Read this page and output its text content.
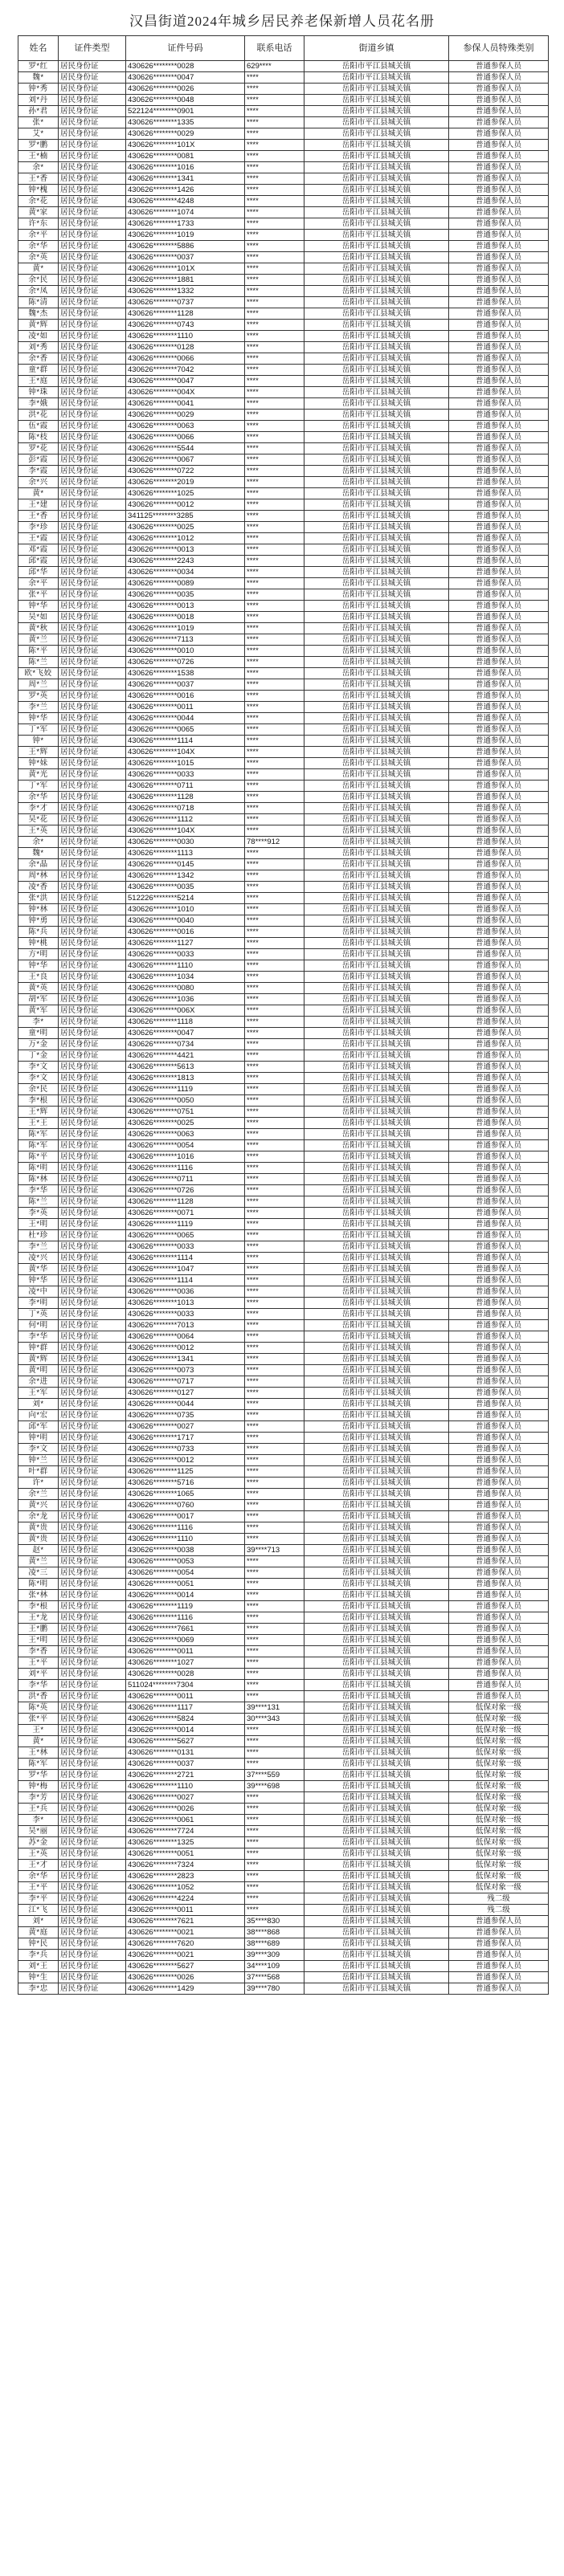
汉昌街道2024年城乡居民养老保新增人员花名册
姓名	证件类型	证件号码	联系电话	街道乡镇	参保人员特殊类别
罗*红	居民身份证	430626********0028	629****	岳阳市平江县城关镇	普通参保人员
魏*	居民身份证	430626********0047	****	岳阳市平江县城关镇	普通参保人员
钟*秀	居民身份证	430626********0026	****	岳阳市平江县城关镇	普通参保人员
刘*丹	居民身份证	430626********0048	****	岳阳市平江县城关镇	普通参保人员
孙*君	居民身份证	522124********0901	****	岳阳市平江县城关镇	普通参保人员
张*	居民身份证	430626********1335	****	岳阳市平江县城关镇	普通参保人员
艾*	居民身份证	430626********0029	****	岳阳市平江县城关镇	普通参保人员
罗*鹏	居民身份证	430626********101X	****	岳阳市平江县城关镇	普通参保人员
王*楠	居民身份证	430626********0081	****	岳阳市平江县城关镇	普通参保人员
余*	居民身份证	430626********1016	****	岳阳市平江县城关镇	普通参保人员
王*香	居民身份证	430626********1341	****	岳阳市平江县城关镇	普通参保人员
钟*槐	居民身份证	430626********1426	****	岳阳市平江县城关镇	普通参保人员
余*花	居民身份证	430626********4248	****	岳阳市平江县城关镇	普通参保人员
黄*家	居民身份证	430626********1074	****	岳阳市平江县城关镇	普通参保人员
许*东	居民身份证	430626********1733	****	岳阳市平江县城关镇	普通参保人员
余*平	居民身份证	430626********1019	****	岳阳市平江县城关镇	普通参保人员
余*华	居民身份证	430626********5886	****	岳阳市平江县城关镇	普通参保人员
余*英	居民身份证	430626********0037	****	岳阳市平江县城关镇	普通参保人员
黄*	居民身份证	430626********101X	****	岳阳市平江县城关镇	普通参保人员
余*民	居民身份证	430626********1881	****	岳阳市平江县城关镇	普通参保人员
余*凤	居民身份证	430626********1332	****	岳阳市平江县城关镇	普通参保人员
陈*清	居民身份证	430626********0737	****	岳阳市平江县城关镇	普通参保人员
魏*杰	居民身份证	430626********1128	****	岳阳市平江县城关镇	普通参保人员
黄*辉	居民身份证	430626********0743	****	岳阳市平江县城关镇	普通参保人员
凌*如	居民身份证	430626********1110	****	岳阳市平江县城关镇	普通参保人员
刘*秀	居民身份证	430626********0128	****	岳阳市平江县城关镇	普通参保人员
余*香	居民身份证	430626********0066	****	岳阳市平江县城关镇	普通参保人员
童*群	居民身份证	430626********7042	****	岳阳市平江县城关镇	普通参保人员
王*庭	居民身份证	430626********0047	****	岳阳市平江县城关镇	普通参保人员
钟*珠	居民身份证	430626********004X	****	岳阳市平江县城关镇	普通参保人员
李*娥	居民身份证	430626********0041	****	岳阳市平江县城关镇	普通参保人员
洪*花	居民身份证	430626********0029	****	岳阳市平江县城关镇	普通参保人员
伍*霞	居民身份证	430626********0063	****	岳阳市平江县城关镇	普通参保人员
陈*枝	居民身份证	430626********0066	****	岳阳市平江县城关镇	普通参保人员
罗*花	居民身份证	430626********5544	****	岳阳市平江县城关镇	普通参保人员
彭*霞	居民身份证	430626********0067	****	岳阳市平江县城关镇	普通参保人员
李*霞	居民身份证	430626********0722	****	岳阳市平江县城关镇	普通参保人员
余*兴	居民身份证	430626********2019	****	岳阳市平江县城关镇	普通参保人员
黄*	居民身份证	430626********1025	****	岳阳市平江县城关镇	普通参保人员
王*建	居民身份证	430626********0012	****	岳阳市平江县城关镇	普通参保人员
王*香	居民身份证	341125********3285	****	岳阳市平江县城关镇	普通参保人员
李*珍	居民身份证	430626********0025	****	岳阳市平江县城关镇	普通参保人员
王*霞	居民身份证	430626********1012	****	岳阳市平江县城关镇	普通参保人员
邓*霞	居民身份证	430626********0013	****	岳阳市平江县城关镇	普通参保人员
邱*霞	居民身份证	430626********2243	****	岳阳市平江县城关镇	普通参保人员
邱*华	居民身份证	430626********0034	****	岳阳市平江县城关镇	普通参保人员
余*平	居民身份证	430626********0089	****	岳阳市平江县城关镇	普通参保人员
张*平	居民身份证	430626********0035	****	岳阳市平江县城关镇	普通参保人员
钟*华	居民身份证	430626********0013	****	岳阳市平江县城关镇	普通参保人员
吴*如	居民身份证	430626********0018	****	岳阳市平江县城关镇	普通参保人员
黄*秋	居民身份证	430626********1019	****	岳阳市平江县城关镇	普通参保人员
黄*兰	居民身份证	430626********7113	****	岳阳市平江县城关镇	普通参保人员
陈*平	居民身份证	430626********0010	****	岳阳市平江县城关镇	普通参保人员
陈*兰	居民身份证	430626********0726	****	岳阳市平江县城关镇	普通参保人员
欧*飞姣	居民身份证	430626********1538	****	岳阳市平江县城关镇	普通参保人员
周*兰	居民身份证	430626********0037	****	岳阳市平江县城关镇	普通参保人员
罗*英	居民身份证	430626********0016	****	岳阳市平江县城关镇	普通参保人员
李*兰	居民身份证	430626********0011	****	岳阳市平江县城关镇	普通参保人员
钟*华	居民身份证	430626********0044	****	岳阳市平江县城关镇	普通参保人员
丁*军	居民身份证	430626********0065	****	岳阳市平江县城关镇	普通参保人员
钟*	居民身份证	430626********1114	****	岳阳市平江县城关镇	普通参保人员
王*辉	居民身份证	430626********104X	****	岳阳市平江县城关镇	普通参保人员
钟*妹	居民身份证	430626********1015	****	岳阳市平江县城关镇	普通参保人员
黄*光	居民身份证	430626********0033	****	岳阳市平江县城关镇	普通参保人员
丁*军	居民身份证	430626********0711	****	岳阳市平江县城关镇	普通参保人员
余*华	居民身份证	430626********1128	****	岳阳市平江县城关镇	普通参保人员
李*才	居民身份证	430626********0718	****	岳阳市平江县城关镇	普通参保人员
吴*花	居民身份证	430626********1112	****	岳阳市平江县城关镇	普通参保人员
王*英	居民身份证	430626********104X	****	岳阳市平江县城关镇	普通参保人员
余*	居民身份证	430626********0030	78****912	岳阳市平江县城关镇	普通参保人员
魏*	居民身份证	430626********1113	****	岳阳市平江县城关镇	普通参保人员
余*晶	居民身份证	430626********0145	****	岳阳市平江县城关镇	普通参保人员
周*林	居民身份证	430626********1342	****	岳阳市平江县城关镇	普通参保人员
凌*香	居民身份证	430626********0035	****	岳阳市平江县城关镇	普通参保人员
张*洪	居民身份证	512226********5214	****	岳阳市平江县城关镇	普通参保人员
钟*林	居民身份证	430626********1010	****	岳阳市平江县城关镇	普通参保人员
钟*勇	居民身份证	430626********0040	****	岳阳市平江县城关镇	普通参保人员
陈*兵	居民身份证	430626********0016	****	岳阳市平江县城关镇	普通参保人员
钟*桃	居民身份证	430626********1127	****	岳阳市平江县城关镇	普通参保人员
方*明	居民身份证	430626********0033	****	岳阳市平江县城关镇	普通参保人员
钟*华	居民身份证	430626********1110	****	岳阳市平江县城关镇	普通参保人员
王*良	居民身份证	430626********1034	****	岳阳市平江县城关镇	普通参保人员
黄*英	居民身份证	430626********0080	****	岳阳市平江县城关镇	普通参保人员
胡*军	居民身份证	430626********1036	****	岳阳市平江县城关镇	普通参保人员
黄*军	居民身份证	430626********006X	****	岳阳市平江县城关镇	普通参保人员
李*	居民身份证	430626********1118	****	岳阳市平江县城关镇	普通参保人员
童*明	居民身份证	430626********0047	****	岳阳市平江县城关镇	普通参保人员
万*金	居民身份证	430626********0734	****	岳阳市平江县城关镇	普通参保人员
丁*金	居民身份证	430626********4421	****	岳阳市平江县城关镇	普通参保人员
李*文	居民身份证	430626********5613	****	岳阳市平江县城关镇	普通参保人员
李*文	居民身份证	430626********1813	****	岳阳市平江县城关镇	普通参保人员
余*民	居民身份证	430626********1119	****	岳阳市平江县城关镇	普通参保人员
李*根	居民身份证	430626********0050	****	岳阳市平江县城关镇	普通参保人员
王*辉	居民身份证	430626********0751	****	岳阳市平江县城关镇	普通参保人员
王*王	居民身份证	430626********0025	****	岳阳市平江县城关镇	普通参保人员
陈*军	居民身份证	430626********0063	****	岳阳市平江县城关镇	普通参保人员
陈*军	居民身份证	430626********0054	****	岳阳市平江县城关镇	普通参保人员
陈*平	居民身份证	430626********1016	****	岳阳市平江县城关镇	普通参保人员
陈*明	居民身份证	430626********1116	****	岳阳市平江县城关镇	普通参保人员
陈*林	居民身份证	430626********0711	****	岳阳市平江县城关镇	普通参保人员
李*华	居民身份证	430626********0726	****	岳阳市平江县城关镇	普通参保人员
陈*兰	居民身份证	430626********1128	****	岳阳市平江县城关镇	普通参保人员
李*英	居民身份证	430626********0071	****	岳阳市平江县城关镇	普通参保人员
王*明	居民身份证	430626********1119	****	岳阳市平江县城关镇	普通参保人员
杜*珍	居民身份证	430626********0065	****	岳阳市平江县城关镇	普通参保人员
李*兰	居民身份证	430626********0033	****	岳阳市平江县城关镇	普通参保人员
凌*兴	居民身份证	430626********1114	****	岳阳市平江县城关镇	普通参保人员
黄*华	居民身份证	430626********1047	****	岳阳市平江县城关镇	普通参保人员
钟*华	居民身份证	430626********1114	****	岳阳市平江县城关镇	普通参保人员
凌*中	居民身份证	430626********0036	****	岳阳市平江县城关镇	普通参保人员
李*明	居民身份证	430626********1013	****	岳阳市平江县城关镇	普通参保人员
丁*英	居民身份证	430626********0033	****	岳阳市平江县城关镇	普通参保人员
何*明	居民身份证	430626********7013	****	岳阳市平江县城关镇	普通参保人员
李*华	居民身份证	430626********0064	****	岳阳市平江县城关镇	普通参保人员
钟*群	居民身份证	430626********0012	****	岳阳市平江县城关镇	普通参保人员
黄*辉	居民身份证	430626********1341	****	岳阳市平江县城关镇	普通参保人员
黄*明	居民身份证	430626********0073	****	岳阳市平江县城关镇	普通参保人员
余*进	居民身份证	430626********0717	****	岳阳市平江县城关镇	普通参保人员
王*军	居民身份证	430626********0127	****	岳阳市平江县城关镇	普通参保人员
刘*	居民身份证	430626********0044	****	岳阳市平江县城关镇	普通参保人员
向*宏	居民身份证	430626********0735	****	岳阳市平江县城关镇	普通参保人员
邱*军	居民身份证	430626********0027	****	岳阳市平江县城关镇	普通参保人员
钟*明	居民身份证	430626********1717	****	岳阳市平江县城关镇	普通参保人员
李*文	居民身份证	430626********0733	****	岳阳市平江县城关镇	普通参保人员
钟*兰	居民身份证	430626********0012	****	岳阳市平江县城关镇	普通参保人员
叶*群	居民身份证	430626********1125	****	岳阳市平江县城关镇	普通参保人员
许*	居民身份证	430626********5716	****	岳阳市平江县城关镇	普通参保人员
余*兰	居民身份证	430626********1065	****	岳阳市平江县城关镇	普通参保人员
黄*兴	居民身份证	430626********0760	****	岳阳市平江县城关镇	普通参保人员
余*龙	居民身份证	430626********0017	****	岳阳市平江县城关镇	普通参保人员
黄*贵	居民身份证	430626********1116	****	岳阳市平江县城关镇	普通参保人员
黄*贵	居民身份证	430626********1110	****	岳阳市平江县城关镇	普通参保人员
赵*	居民身份证	430626********0038	39****713	岳阳市平江县城关镇	普通参保人员
黄*兰	居民身份证	430626********0053	****	岳阳市平江县城关镇	普通参保人员
凌*三	居民身份证	430626********0054	****	岳阳市平江县城关镇	普通参保人员
陈*明	居民身份证	430626********0051	****	岳阳市平江县城关镇	普通参保人员
张*林	居民身份证	430626********0014	****	岳阳市平江县城关镇	普通参保人员
李*根	居民身份证	430626********1119	****	岳阳市平江县城关镇	普通参保人员
王*龙	居民身份证	430626********1116	****	岳阳市平江县城关镇	普通参保人员
王*鹏	居民身份证	430626********7661	****	岳阳市平江县城关镇	普通参保人员
王*明	居民身份证	430626********0069	****	岳阳市平江县城关镇	普通参保人员
李*香	居民身份证	430626********0011	****	岳阳市平江县城关镇	普通参保人员
王*平	居民身份证	430626********1027	****	岳阳市平江县城关镇	普通参保人员
刘*平	居民身份证	430626********0028	****	岳阳市平江县城关镇	普通参保人员
李*华	居民身份证	511024********7304	****	岳阳市平江县城关镇	普通参保人员
洪*香	居民身份证	430626********0011	****	岳阳市平江县城关镇	普通参保人员
陈*英	居民身份证	430626********1117	39****131	岳阳市平江县城关镇	低保对象一级
张*平	居民身份证	430626********5824	30****343	岳阳市平江县城关镇	低保对象一级
王*	居民身份证	430626********0014	****	岳阳市平江县城关镇	低保对象一级
黄*	居民身份证	430626********5627	****	岳阳市平江县城关镇	低保对象一级
王*林	居民身份证	430626********0131	****	岳阳市平江县城关镇	低保对象一级
陈*军	居民身份证	430626********0037	****	岳阳市平江县城关镇	低保对象一级
罗*华	居民身份证	430626********2721	37****559	岳阳市平江县城关镇	低保对象一级
钟*梅	居民身份证	430626********1110	39****698	岳阳市平江县城关镇	低保对象一级
李*芳	居民身份证	430626********0027	****	岳阳市平江县城关镇	低保对象一级
王*兵	居民身份证	430626********0026	****	岳阳市平江县城关镇	低保对象一级
李*	居民身份证	430626********0061	****	岳阳市平江县城关镇	低保对象一级
吴*丽	居民身份证	430626********7724	****	岳阳市平江县城关镇	低保对象一级
苏*金	居民身份证	430626********1325	****	岳阳市平江县城关镇	低保对象一级
王*英	居民身份证	430626********0051	****	岳阳市平江县城关镇	低保对象一级
王*才	居民身份证	430626********7324	****	岳阳市平江县城关镇	低保对象一级
余*华	居民身份证	430626********2823	****	岳阳市平江县城关镇	低保对象一级
王*平	居民身份证	430626********1052	****	岳阳市平江县城关镇	低保对象一级
李*平	居民身份证	430626********4224	****	岳阳市平江县城关镇	残二级
江*飞	居民身份证	430626********0011	****	岳阳市平江县城关镇	残二级
刘*	居民身份证	430626********7621	35****830	岳阳市平江县城关镇	普通参保人员
黄*庭	居民身份证	430626********0021	38****868	岳阳市平江县城关镇	普通参保人员
钟*民	居民身份证	430626********7620	38****689	岳阳市平江县城关镇	普通参保人员
李*兵	居民身份证	430626********0021	39****309	岳阳市平江县城关镇	普通参保人员
刘*王	居民身份证	430626********5627	34****109	岳阳市平江县城关镇	普通参保人员
钟*生	居民身份证	430626********0026	37****568	岳阳市平江县城关镇	普通参保人员
李*忠	居民身份证	430626********1429	39****780	岳阳市平江县城关镇	普通参保人员
